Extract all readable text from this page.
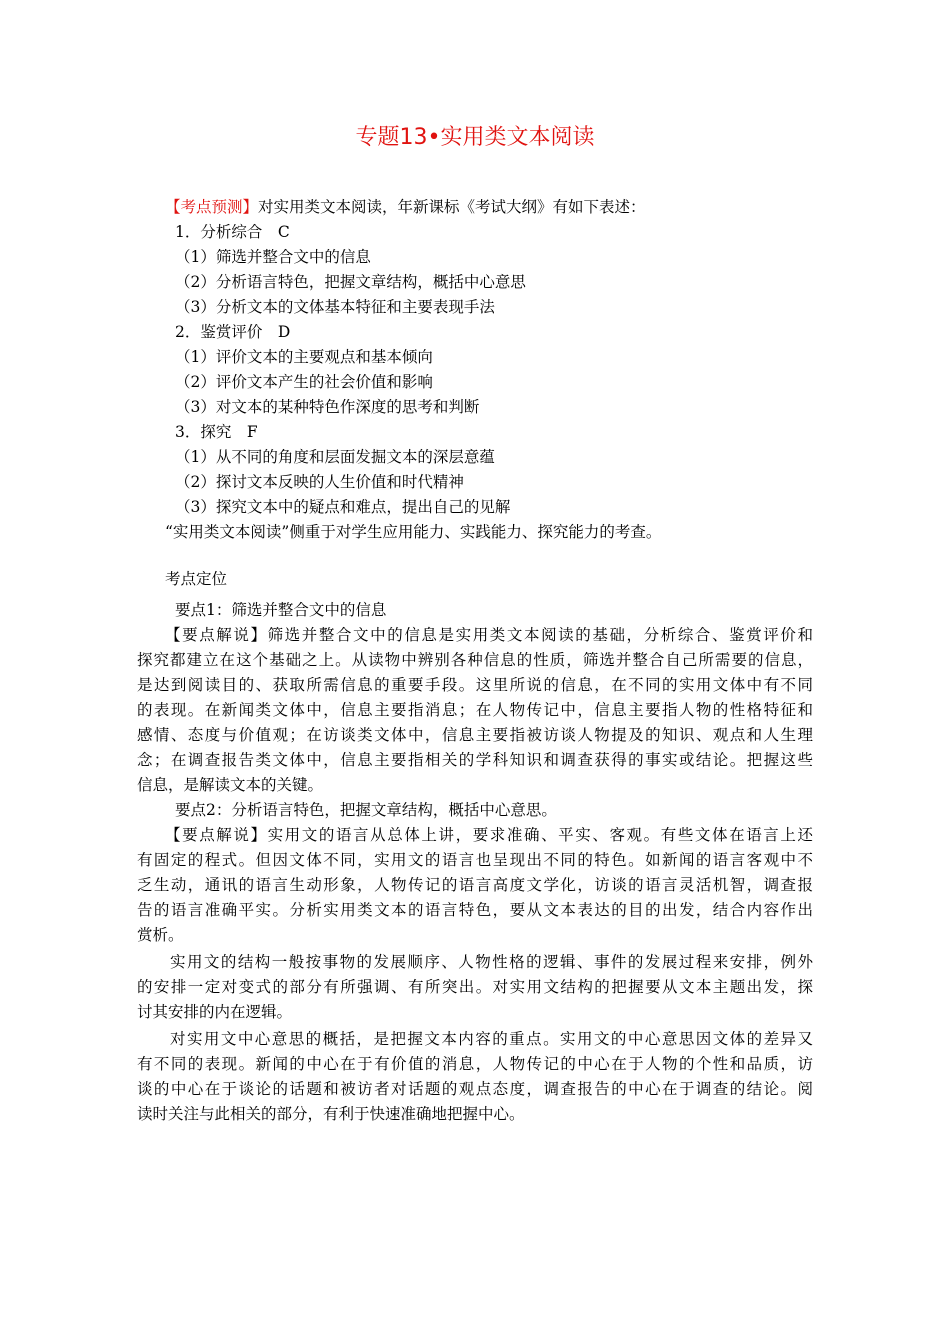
专题13•实用类文本阅读
【考点预测】对实用类文本阅读，年新课标《考试大纲》有如下表述：
1．分析综合　C
（1）筛选并整合文中的信息
（2）分析语言特色，把握文章结构，概括中心意思
（3）分析文本的文体基本特征和主要表现手法
2．鉴赏评价　D
（1）评价文本的主要观点和基本倾向
（2）评价文本产生的社会价值和影响
（3）对文本的某种特色作深度的思考和判断
3．探究　F
（1）从不同的角度和层面发掘文本的深层意蕴
（2）探讨文本反映的人生价值和时代精神
（3）探究文本中的疑点和难点，提出自己的见解
“实用类文本阅读”侧重于对学生应用能力、实践能力、探究能力的考查。
考点定位
要点1：筛选并整合文中的信息
【要点解说】筛选并整合文中的信息是实用类文本阅读的基础，分析综合、鉴赏评价和
探究都建立在这个基础之上。从读物中辨别各种信息的性质，筛选并整合自己所需要的信息，
是达到阅读目的、获取所需信息的重要手段。这里所说的信息，在不同的实用文体中有不同
的表现。在新闻类文体中，信息主要指消息；在人物传记中，信息主要指人物的性格特征和
感情、态度与价值观；在访谈类文体中，信息主要指被访谈人物提及的知识、观点和人生理
念；在调查报告类文体中，信息主要指相关的学科知识和调查获得的事实或结论。把握这些
信息，是解读文本的关键。
要点2：分析语言特色，把握文章结构，概括中心意思。
【要点解说】实用文的语言从总体上讲，要求准确、平实、客观。有些文体在语言上还
有固定的程式。但因文体不同，实用文的语言也呈现出不同的特色。如新闻的语言客观中不
乏生动，通讯的语言生动形象，人物传记的语言高度文学化，访谈的语言灵活机智，调查报
告的语言准确平实。分析实用类文本的语言特色，要从文本表达的目的出发，结合内容作出
赏析。
实用文的结构一般按事物的发展顺序、人物性格的逻辑、事件的发展过程来安排，例外
的安排一定对变式的部分有所强调、有所突出。对实用文结构的把握要从文本主题出发，探
讨其安排的内在逻辑。
对实用文中心意思的概括，是把握文本内容的重点。实用文的中心意思因文体的差异又
有不同的表现。新闻的中心在于有价值的消息，人物传记的中心在于人物的个性和品质，访
谈的中心在于谈论的话题和被访者对话题的观点态度，调查报告的中心在于调查的结论。阅
读时关注与此相关的部分，有利于快速准确地把握中心。
